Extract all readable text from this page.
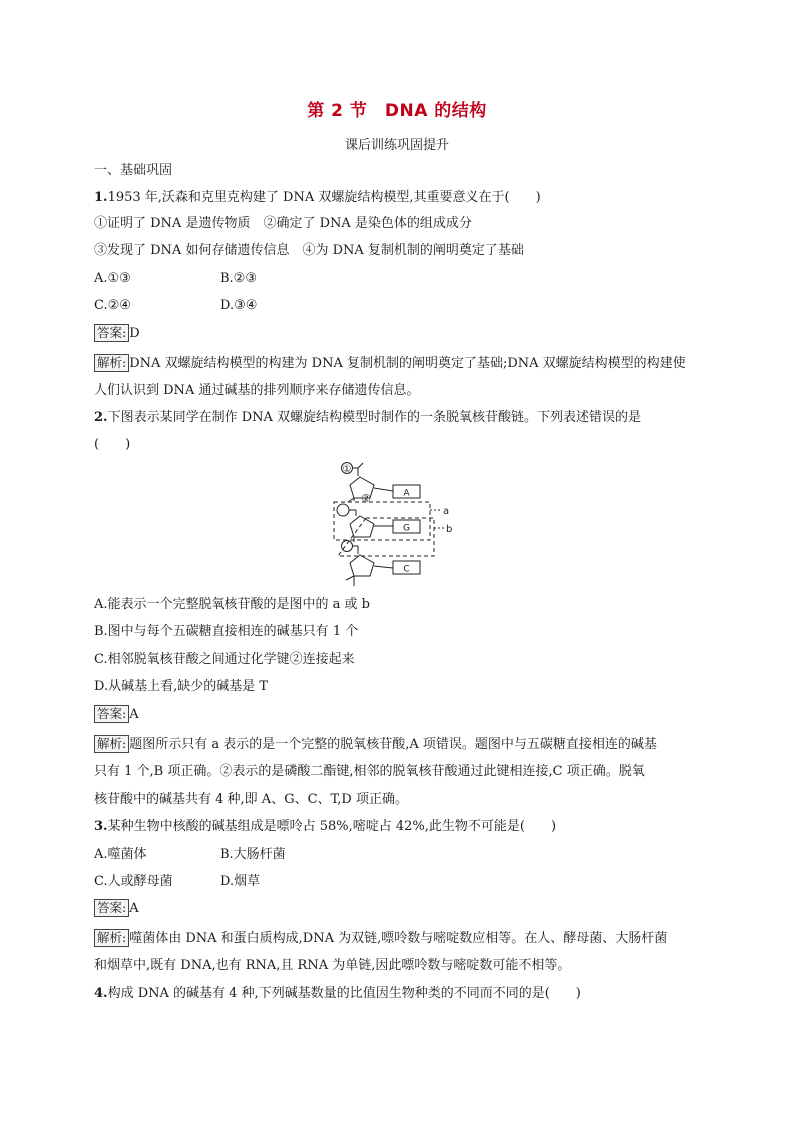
第 2 节　DNA 的结构
课后训练巩固提升
一、基础巩固
1.1953 年,沃森和克里克构建了 DNA 双螺旋结构模型,其重要意义在于(　　)
①证明了 DNA 是遗传物质　②确定了 DNA 是染色体的组成成分
③发现了 DNA 如何存储遗传信息　④为 DNA 复制机制的阐明奠定了基础
A.①③	B.②③
C.②④	D.③④
答案: D
解析: DNA 双螺旋结构模型的构建为 DNA 复制机制的阐明奠定了基础;DNA 双螺旋结构模型的构建使
人们认识到 DNA 通过碱基的排列顺序来存储遗传信息。
2.下图表示某同学在制作 DNA 双螺旋结构模型时制作的一条脱氧核苷酸链。下列表述错误的是
(　　)
①
A
②
G
C
a
b
A.能表示一个完整脱氧核苷酸的是图中的 a 或 b
B.图中与每个五碳糖直接相连的碱基只有 1 个
C.相邻脱氧核苷酸之间通过化学键②连接起来
D.从碱基上看,缺少的碱基是 T
答案: A
解析: 题图所示只有 a 表示的是一个完整的脱氧核苷酸,A 项错误。题图中与五碳糖直接相连的碱基
只有 1 个,B 项正确。②表示的是磷酸二酯键,相邻的脱氧核苷酸通过此键相连接,C 项正确。脱氧
核苷酸中的碱基共有 4 种,即 A、G、C、T,D 项正确。
3.某种生物中核酸的碱基组成是嘌呤占 58%,嘧啶占 42%,此生物不可能是(　　)
A.噬菌体	B.大肠杆菌
C.人或酵母菌	D.烟草
答案: A
解析: 噬菌体由 DNA 和蛋白质构成,DNA 为双链,嘌呤数与嘧啶数应相等。在人、酵母菌、大肠杆菌
和烟草中,既有 DNA,也有 RNA,且 RNA 为单链,因此嘌呤数与嘧啶数可能不相等。
4.构成 DNA 的碱基有 4 种,下列碱基数量的比值因生物种类的不同而不同的是(　　)
